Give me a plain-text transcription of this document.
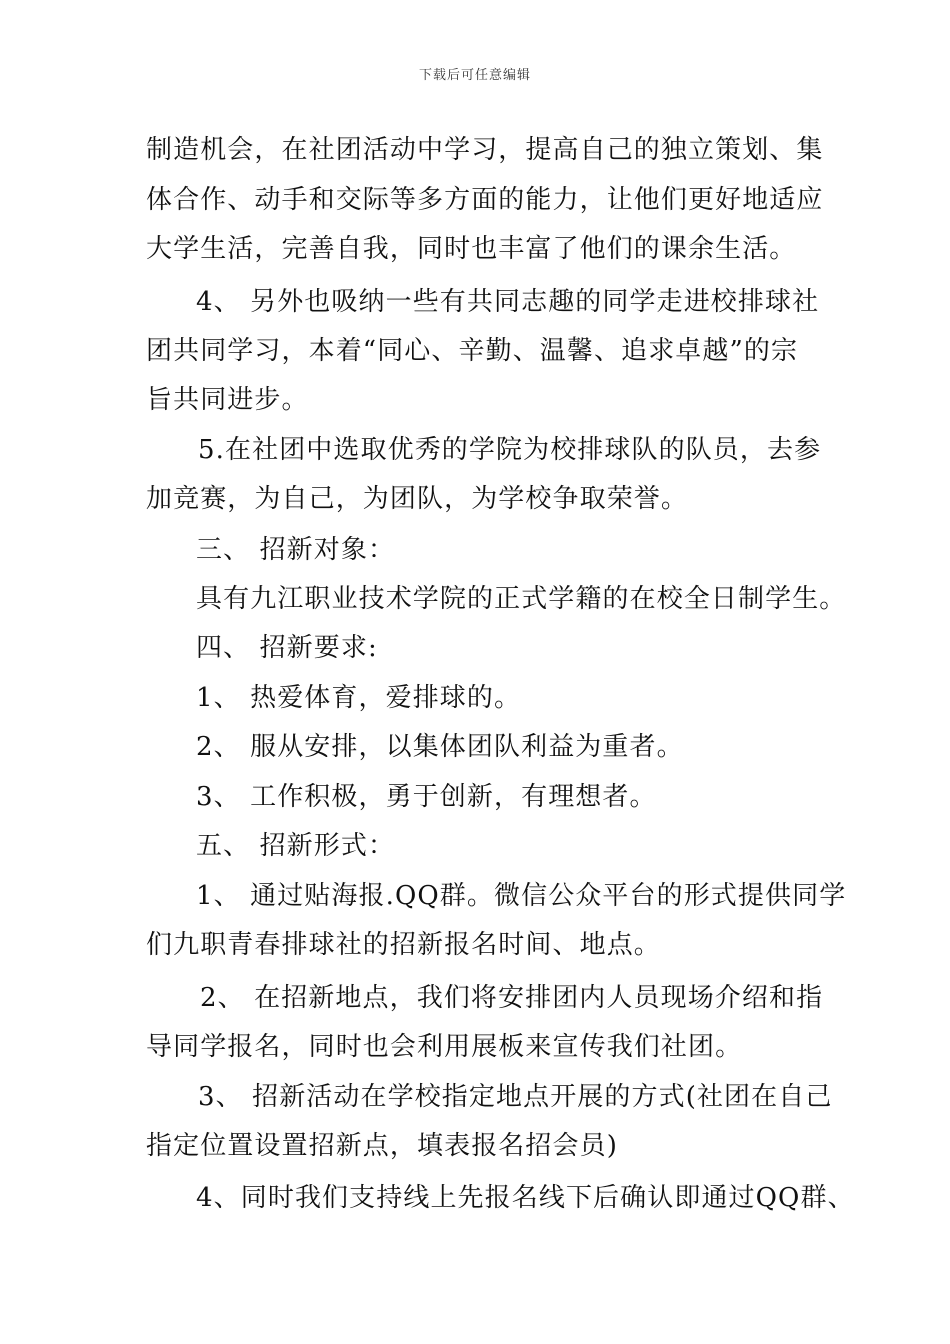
下载后可任意编辑
制造机会，在社团活动中学习，提高自己的独立策划、集
体合作、动手和交际等多方面的能力，让他们更好地适应
大学生活，完善自我，同时也丰富了他们的课余生活。
4、 另外也吸纳一些有共同志趣的同学走进校排球社
团共同学习，本着“同心、辛勤、温馨、追求卓越”的宗
旨共同进步。
5.在社团中选取优秀的学院为校排球队的队员，去参
加竞赛，为自己，为团队，为学校争取荣誉。
三、 招新对象：
具有九江职业技术学院的正式学籍的在校全日制学生。
四、 招新要求:
1、 热爱体育，爱排球的。
2、 服从安排，以集体团队利益为重者。
3、 工作积极，勇于创新，有理想者。
五、 招新形式：
1、 通过贴海报.QQ群。微信公众平台的形式提供同学
们九职青春排球社的招新报名时间、地点。
2、 在招新地点，我们将安排团内人员现场介绍和指
导同学报名，同时也会利用展板来宣传我们社团。
3、 招新活动在学校指定地点开展的方式(社团在自己
指定位置设置招新点，填表报名招会员)
4、同时我们支持线上先报名线下后确认即通过QQ群、
